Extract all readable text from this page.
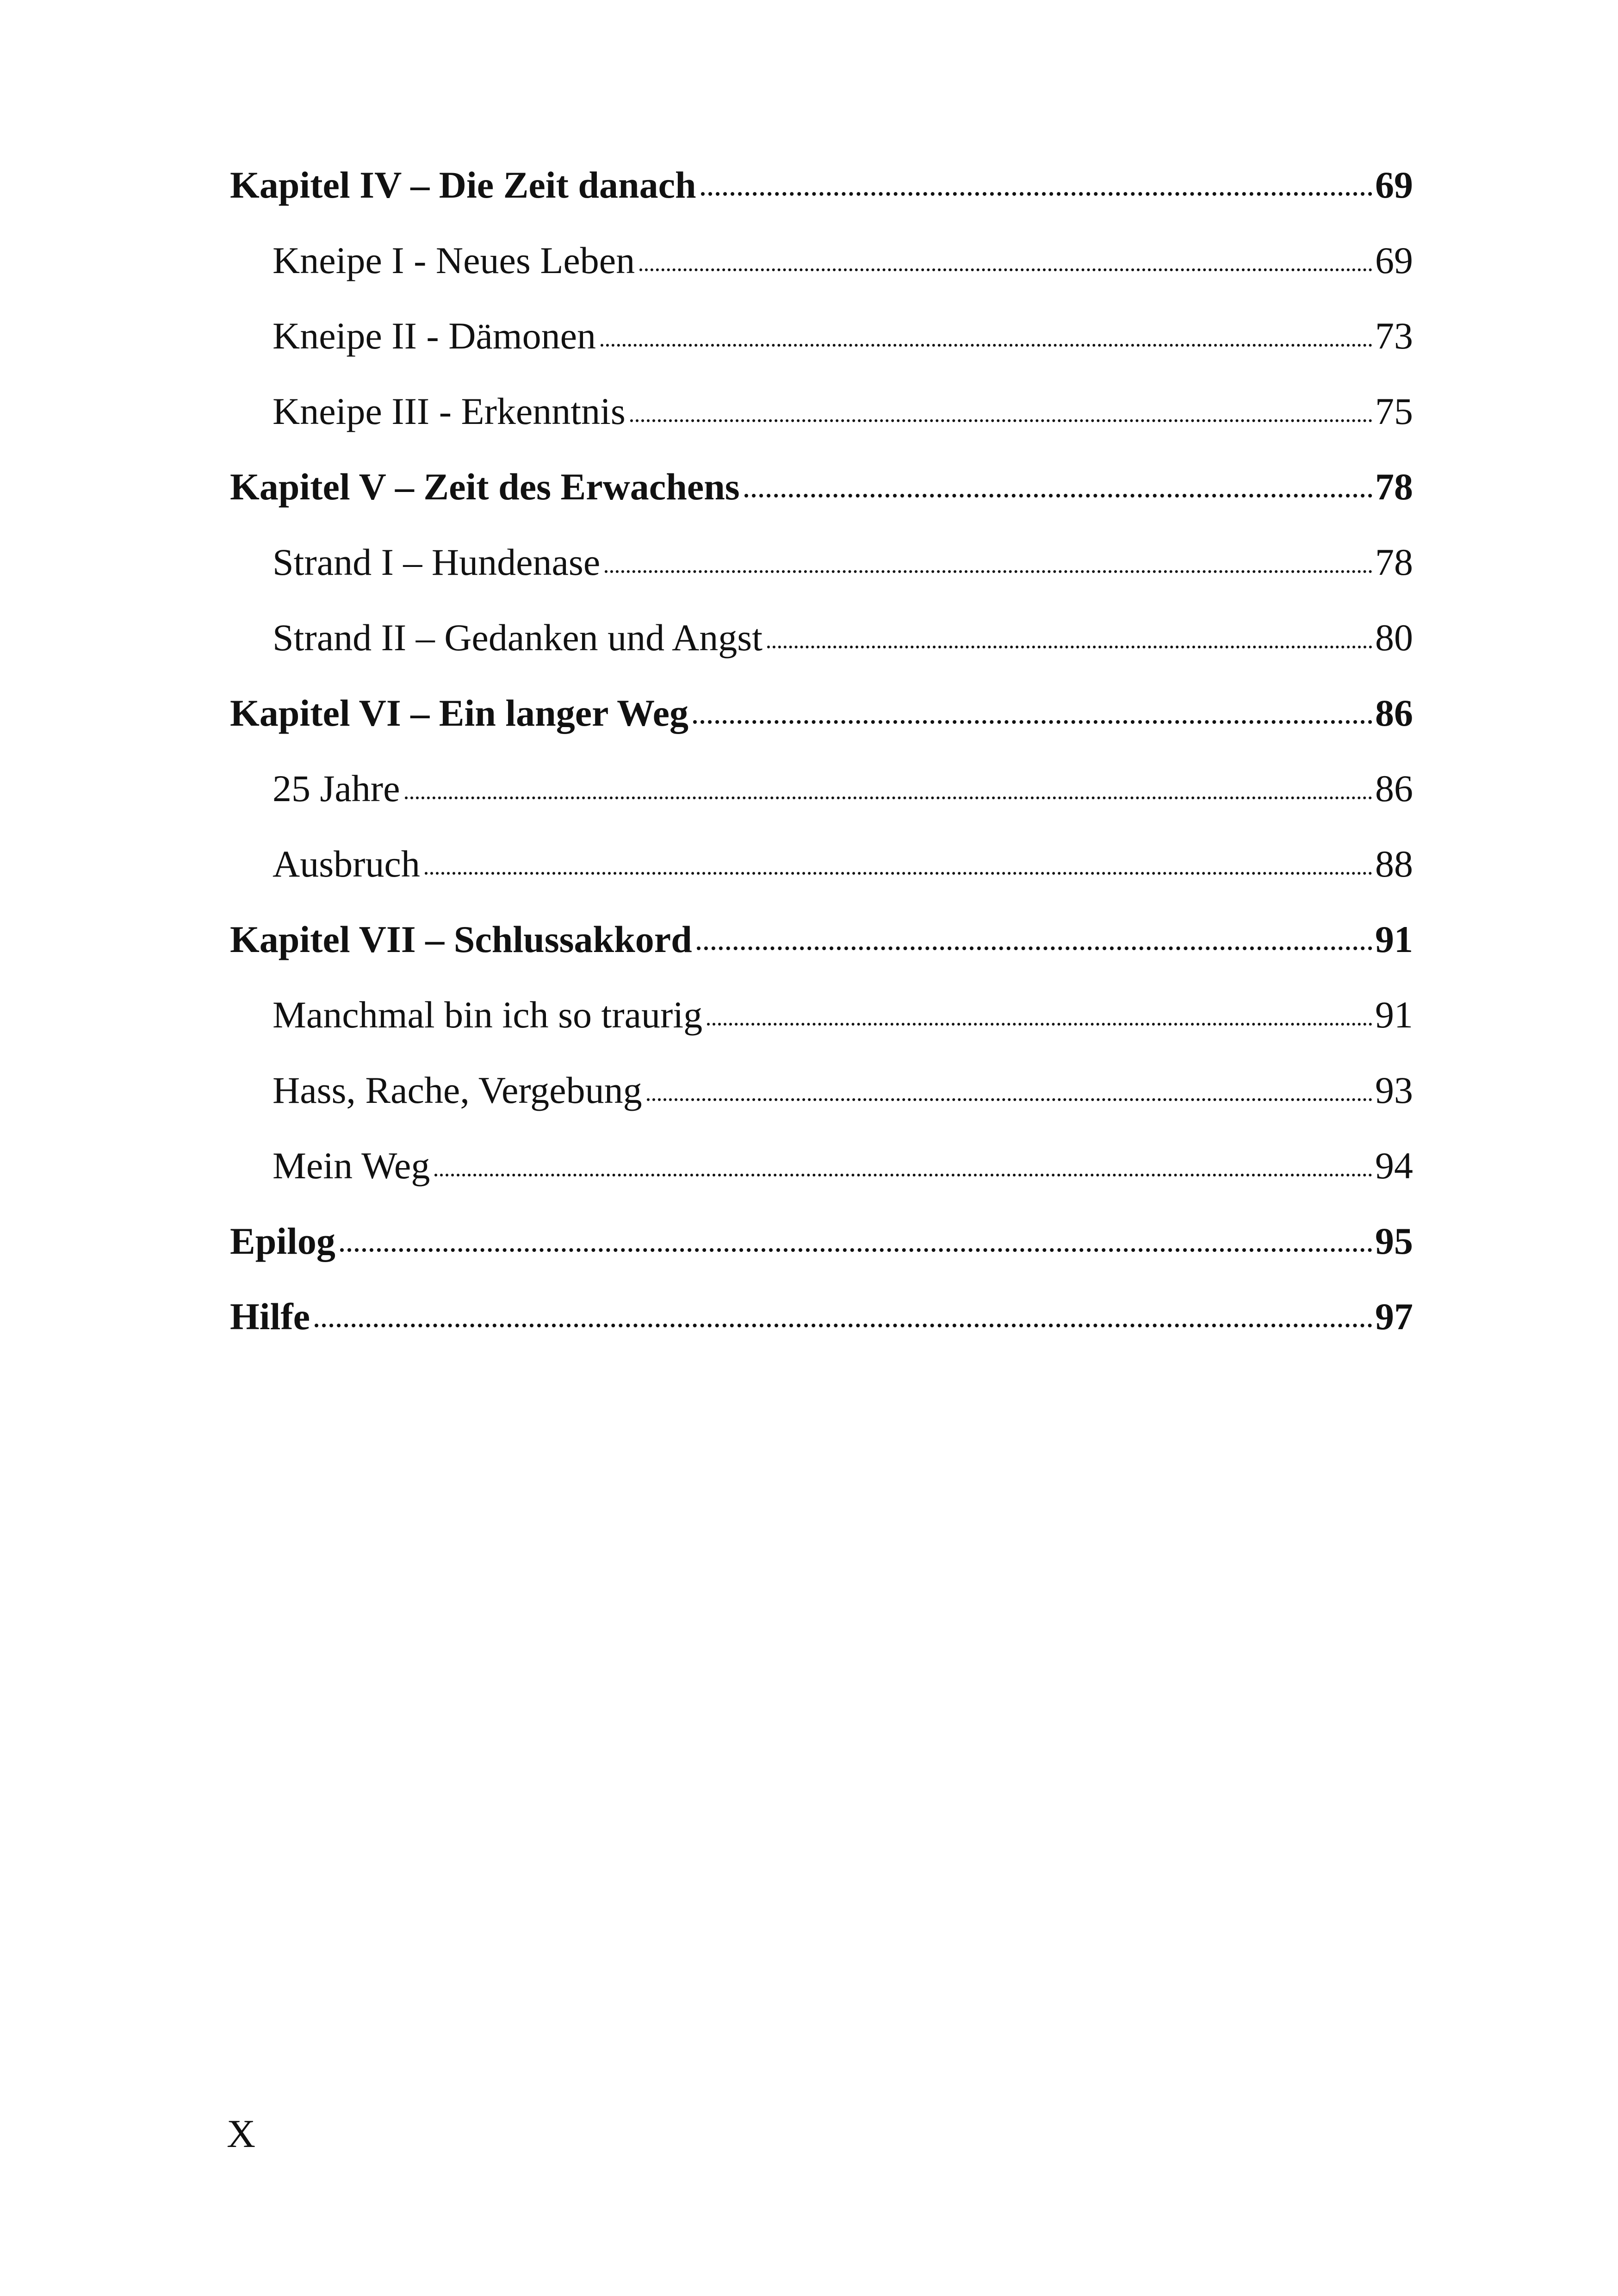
Kapitel IV – Die Zeit danach	69
Kneipe I - Neues Leben	69
Kneipe II - Dämonen	73
Kneipe III - Erkenntnis	75
Kapitel V – Zeit des Erwachens	78
Strand I – Hundenase	78
Strand II – Gedanken und Angst	80
Kapitel VI – Ein langer Weg	86
25 Jahre	86
Ausbruch	88
Kapitel VII – Schlussakkord	91
Manchmal bin ich so traurig	91
Hass, Rache, Vergebung	93
Mein Weg	94
Epilog	95
Hilfe	97
X
